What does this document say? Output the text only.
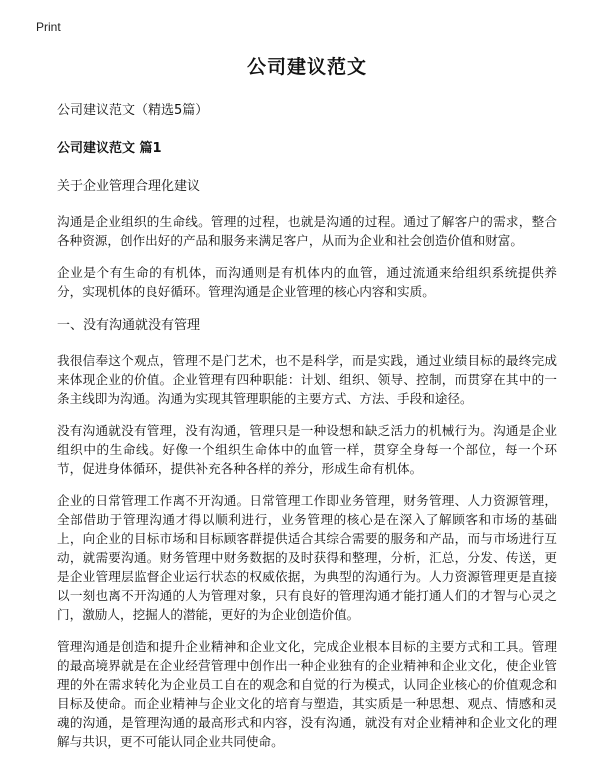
Print
公司建议范文

公司建议范文（精选5篇）

公司建议范文 篇1

关于企业管理合理化建议

沟通是企业组织的生命线。管理的过程，也就是沟通的过程。通过了解客户的需求，整合各种资源，创作出好的产品和服务来满足客户，从而为企业和社会创造价值和财富。

企业是个有生命的有机体，而沟通则是有机体内的血管，通过流通来给组织系统提供养分，实现机体的良好循环。管理沟通是企业管理的核心内容和实质。

一、没有沟通就没有管理

我很信奉这个观点，管理不是门艺术，也不是科学，而是实践，通过业绩目标的最终完成来体现企业的价值。企业管理有四种职能：计划、组织、领导、控制，而贯穿在其中的一条主线即为沟通。沟通为实现其管理职能的主要方式、方法、手段和途径。

没有沟通就没有管理，没有沟通，管理只是一种设想和缺乏活力的机械行为。沟通是企业组织中的生命线。好像一个组织生命体中的血管一样，贯穿全身每一个部位，每一个环节，促进身体循环，提供补充各种各样的养分，形成生命有机体。

企业的日常管理工作离不开沟通。日常管理工作即业务管理，财务管理、人力资源管理，全部借助于管理沟通才得以顺利进行，业务管理的核心是在深入了解顾客和市场的基础上，向企业的目标市场和目标顾客群提供适合其综合需要的服务和产品，而与市场进行互动，就需要沟通。财务管理中财务数据的及时获得和整理，分析，汇总，分发、传送，更是企业管理层监督企业运行状态的权威依据，为典型的沟通行为。人力资源管理更是直接以一刻也离不开沟通的人为管理对象，只有良好的管理沟通才能打通人们的才智与心灵之门，激励人，挖掘人的潜能，更好的为企业创造价值。

管理沟通是创造和提升企业精神和企业文化，完成企业根本目标的主要方式和工具。管理的最高境界就是在企业经营管理中创作出一种企业独有的企业精神和企业文化，使企业管理的外在需求转化为企业员工自在的观念和自觉的行为模式，认同企业核心的价值观念和目标及使命。而企业精神与企业文化的培育与塑造，其实质是一种思想、观点、情感和灵魂的沟通，是管理沟通的最高形式和内容，没有沟通，就没有对企业精神和企业文化的理解与共识，更不可能认同企业共同使命。
